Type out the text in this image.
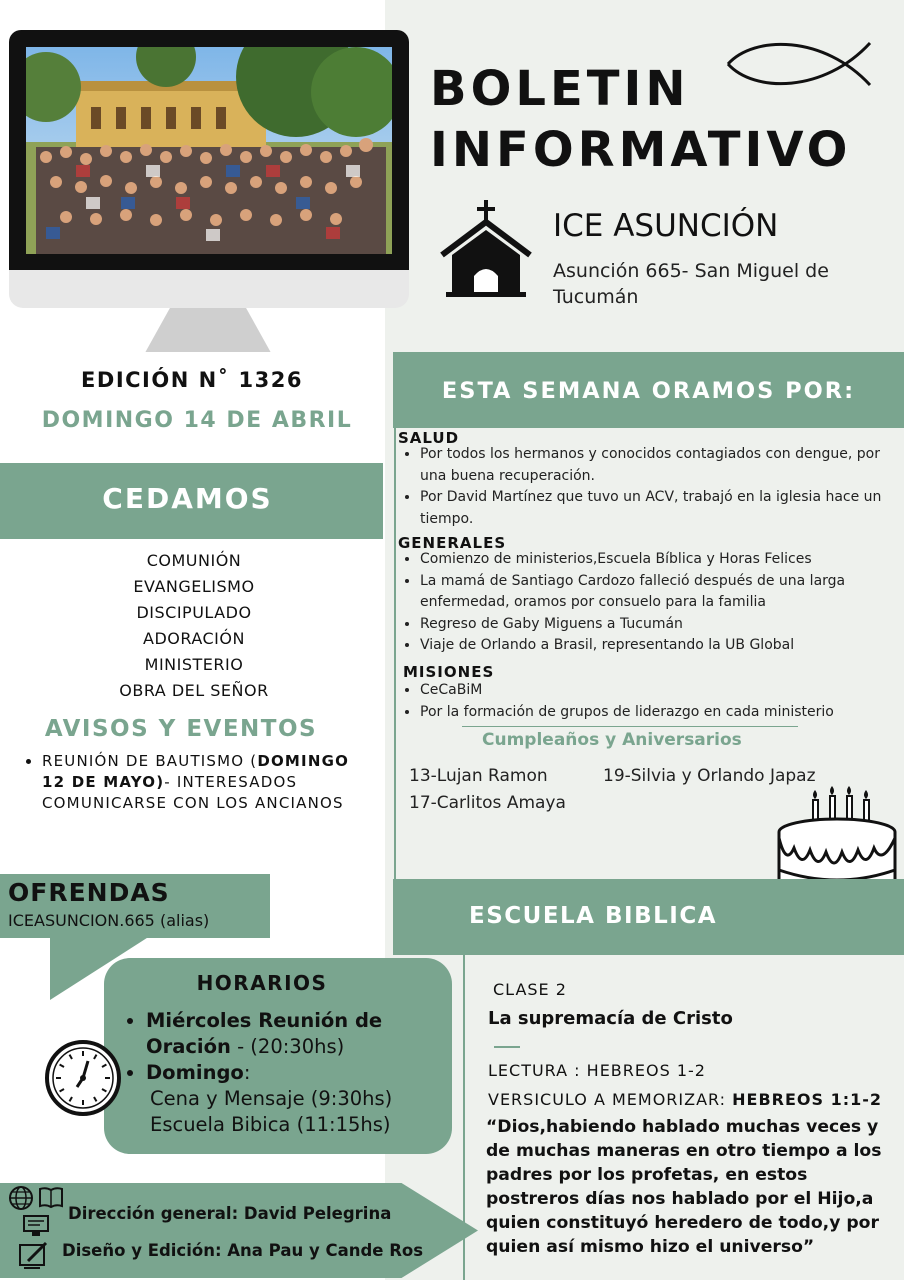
BOLETIN
INFORMATIVO
ICE ASUNCIÓN
Asunción 665- San Miguel de Tucumán
EDICIÓN N˚ 1326
DOMINGO 14 DE ABRIL
CEDAMOS
COMUNIÓN
EVANGELISMO
DISCIPULADO
ADORACIÓN
MINISTERIO
OBRA DEL SEÑOR
AVISOS Y EVENTOS
• REUNIÓN DE BAUTISMO (DOMINGO 12 DE MAYO)- INTERESADOS COMUNICARSE CON LOS ANCIANOS
OFRENDAS
ICEASUNCION.665 (alias)
HORARIOS
• Miércoles Reunión de Oración - (20:30hs)
• Domingo:
Cena y Mensaje (9:30hs)
Escuela Bibica (11:15hs)
Dirección general: David Pelegrina
Diseño y Edición: Ana Pau y Cande Ros
ESTA SEMANA ORAMOS POR:
SALUD
• Por todos los hermanos y conocidos contagiados con dengue, por una buena recuperación.
• Por David Martínez que tuvo un ACV, trabajó en la iglesia hace un tiempo.
GENERALES
• Comienzo de ministerios,Escuela Bíblica y Horas Felices
• La mamá de Santiago Cardozo falleció después de una larga enfermedad, oramos por consuelo para la familia
• Regreso de Gaby Miguens a Tucumán
• Viaje de Orlando a Brasil, representando la UB Global
MISIONES
• CeCaBiM
• Por la formación de grupos de liderazgo en cada ministerio
Cumpleaños y Aniversarios
13-Lujan Ramon
17-Carlitos Amaya
19-Silvia y Orlando Japaz
ESCUELA BIBLICA
CLASE 2
La supremacía de Cristo
LECTURA : HEBREOS 1-2
VERSICULO A MEMORIZAR: HEBREOS 1:1-2
“Dios,habiendo hablado muchas veces y de muchas maneras en otro tiempo a los padres por los profetas, en estos postreros días nos hablado por el Hijo,a quien constituyó heredero de todo,y por quien así mismo hizo el universo”
